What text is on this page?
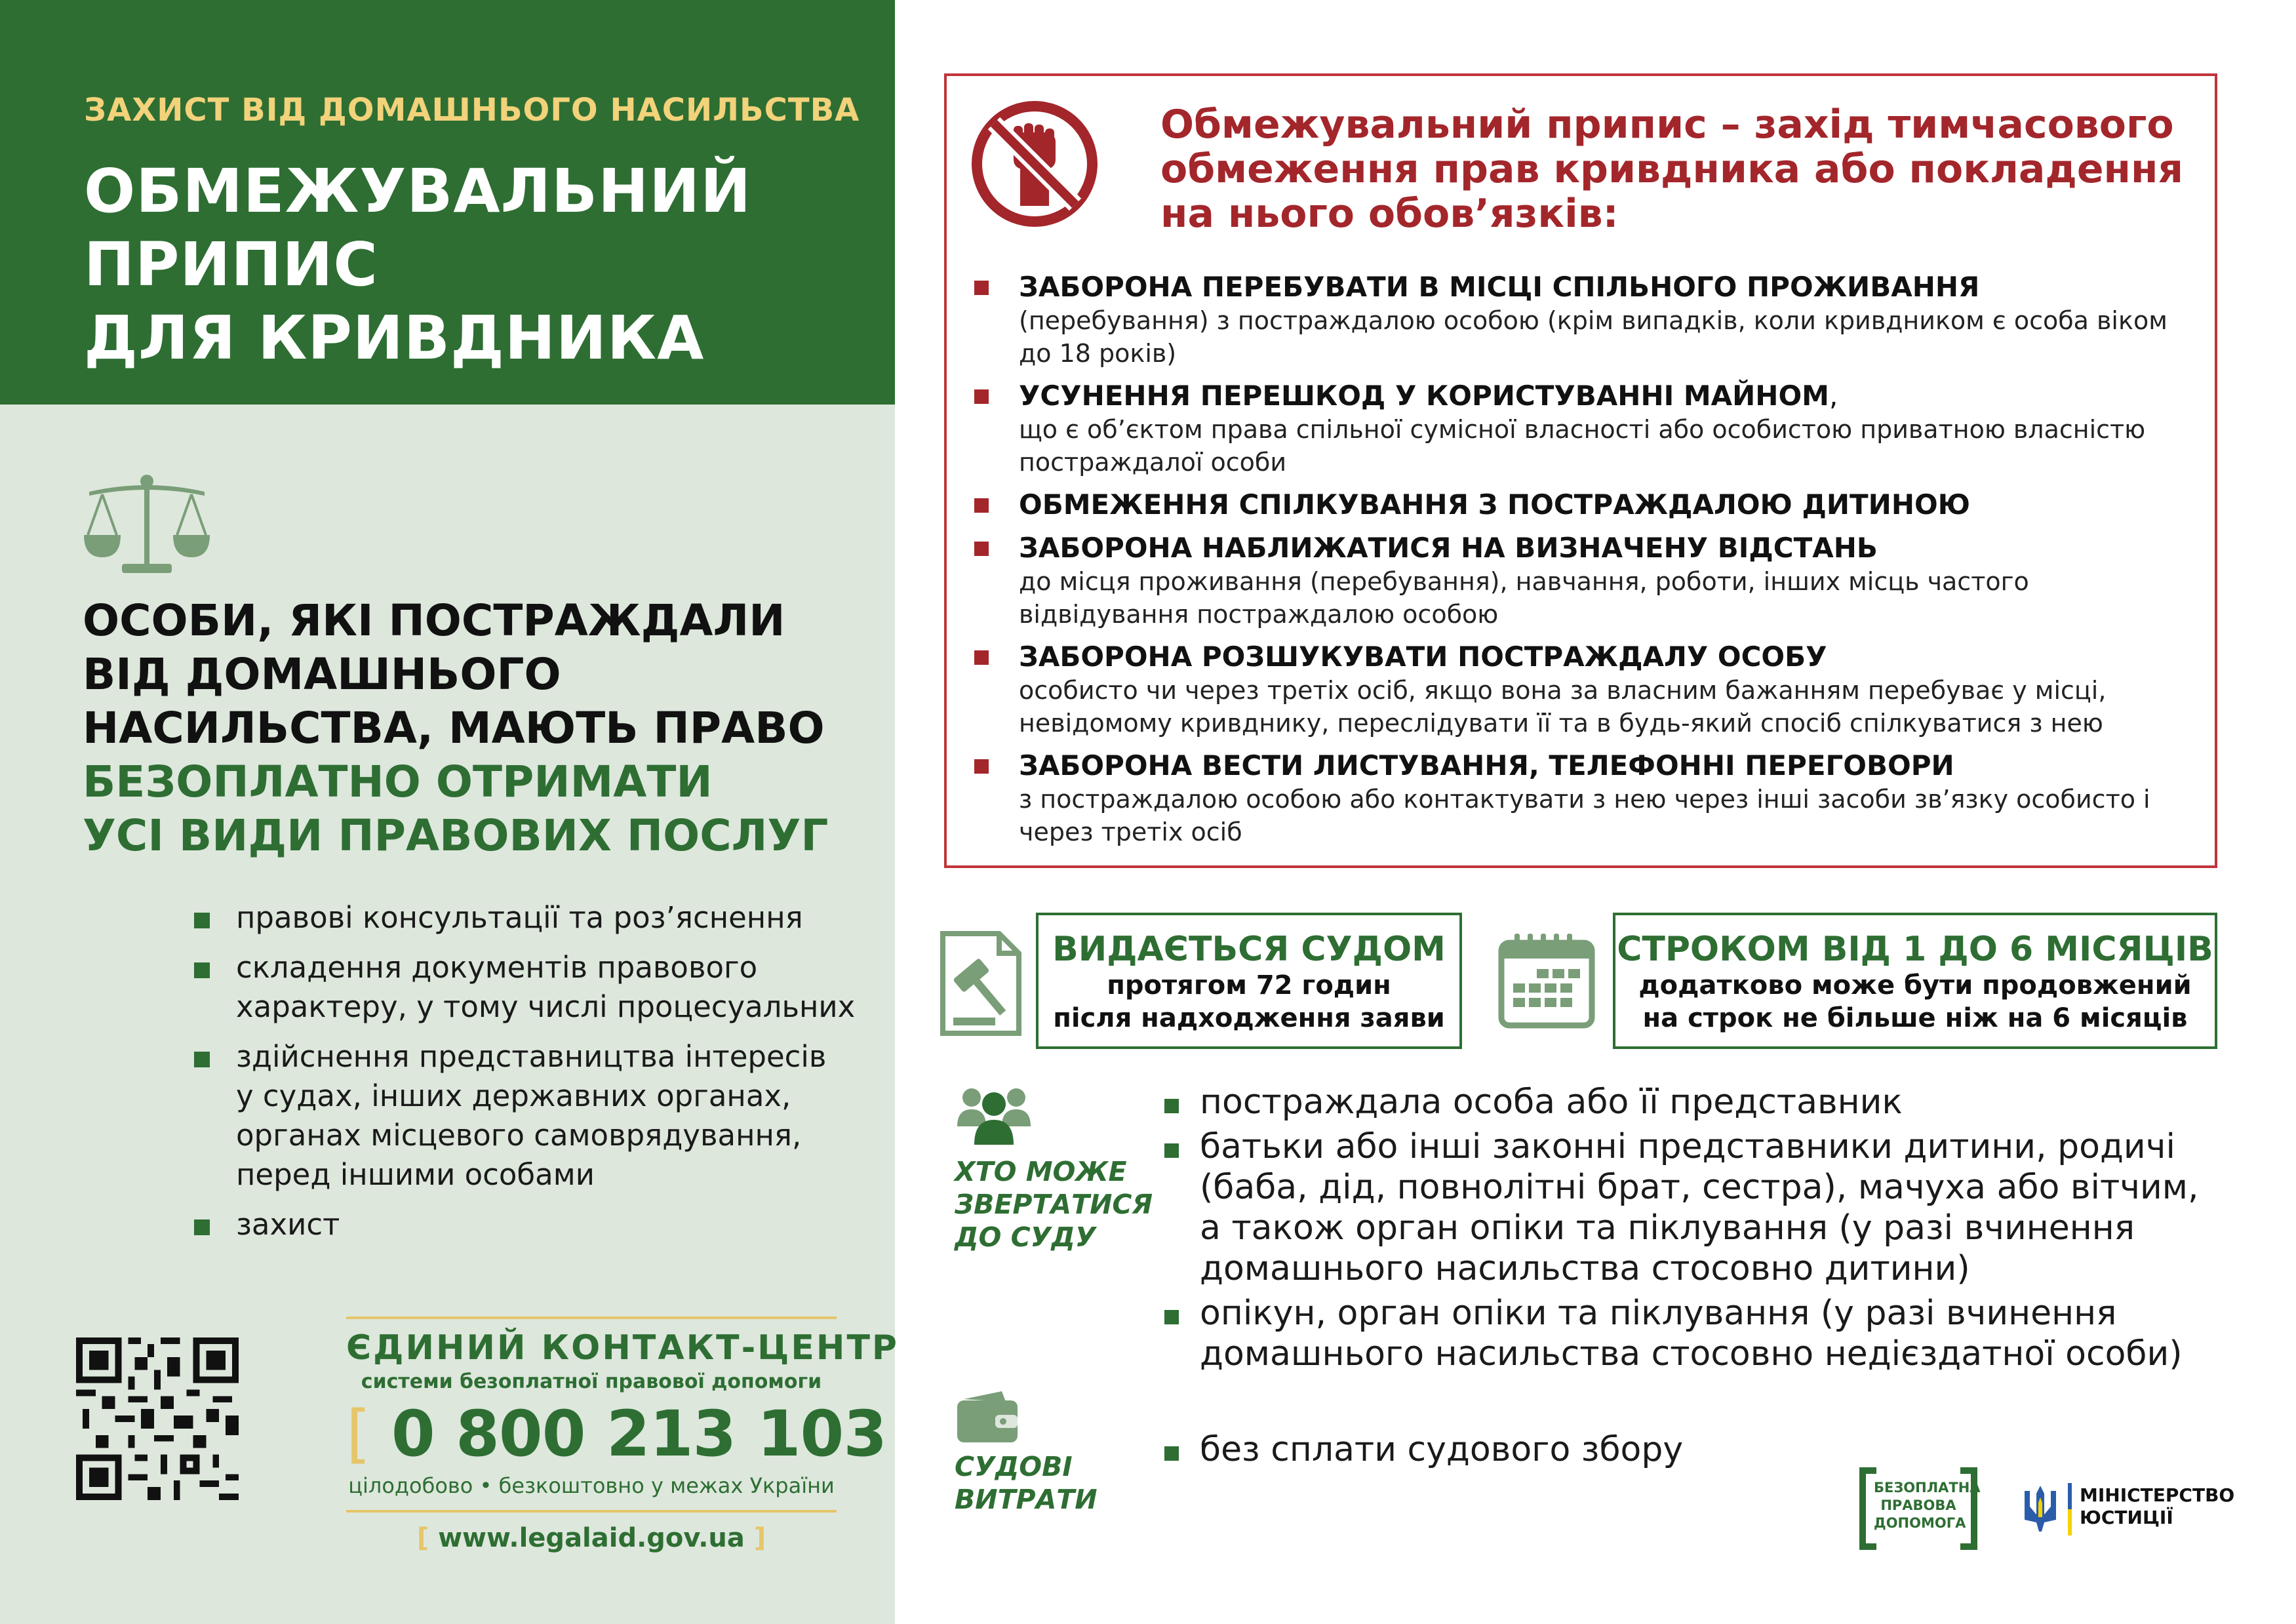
ЗАХИСТ ВІД ДОМАШНЬОГО НАСИЛЬСТВА
ОБМЕЖУВАЛЬНИЙ
ПРИПИС
ДЛЯ КРИВДНИКА
ОСОБИ, ЯКІ ПОСТРАЖДАЛИ
ВІД ДОМАШНЬОГО
НАСИЛЬСТВА, МАЮТЬ ПРАВО
БЕЗОПЛАТНО ОТРИМАТИ
УСІ ВИДИ ПРАВОВИХ ПОСЛУГ
правові консультації та роз’яснення
складення документів правового
характеру, у тому числі процесуальних
здійснення представництва інтересів
у судах, інших державних органах,
органах місцевого самоврядування,
перед іншими особами
захист
ЄДИНИЙ КОНТАКТ-ЦЕНТР
системи безоплатної правової допомоги
[ 0 800 213 103
цілодобово • безкоштовно у межах України
[ www.legalaid.gov.ua ]
Обмежувальний припис – захід тимчасового
обмеження прав кривдника або покладення
на нього обов’язків:
ЗАБОРОНА ПЕРЕБУВАТИ В МІСЦІ СПІЛЬНОГО ПРОЖИВАННЯ
(перебування) з постраждалою особою (крім випадків, коли кривдником є особа віком
до 18 років)
УСУНЕННЯ ПЕРЕШКОД У КОРИСТУВАННІ МАЙНОМ,
що є об’єктом права спільної сумісної власності або особистою приватною власністю
постраждалої особи
ОБМЕЖЕННЯ СПІЛКУВАННЯ З ПОСТРАЖДАЛОЮ ДИТИНОЮ
ЗАБОРОНА НАБЛИЖАТИСЯ НА ВИЗНАЧЕНУ ВІДСТАНЬ
до місця проживання (перебування), навчання, роботи, інших місць частого
відвідування постраждалою особою
ЗАБОРОНА РОЗШУКУВАТИ ПОСТРАЖДАЛУ ОСОБУ
особисто чи через третіх осіб, якщо вона за власним бажанням перебуває у місці,
невідомому кривднику, переслідувати її та в будь-який спосіб спілкуватися з нею
ЗАБОРОНА ВЕСТИ ЛИСТУВАННЯ, ТЕЛЕФОННІ ПЕРЕГОВОРИ
з постраждалою особою або контактувати з нею через інші засоби зв’язку особисто і
через третіх осіб
ВИДАЄТЬСЯ СУДОМ
протягом 72 годин
після надходження заяви
СТРОКОМ ВІД 1 ДО 6 МІСЯЦІВ
додатково може бути продовжений
на строк не більше ніж на 6 місяців
ХТО МОЖЕ
ЗВЕРТАТИСЯ
ДО СУДУ
постраждала особа або її представник
батьки або інші законні представники дитини, родичі
(баба, дід, повнолітні брат, сестра), мачуха або вітчим,
а також орган опіки та піклування (у разі вчинення
домашнього насильства стосовно дитини)
опікун, орган опіки та піклування (у разі вчинення
домашнього насильства стосовно недієздатної особи)
СУДОВІ
ВИТРАТИ
без сплати судового збору
БЕЗОПЛАТНА
ПРАВОВА
ДОПОМОГА
МІНІСТЕРСТВО
ЮСТИЦІЇ
